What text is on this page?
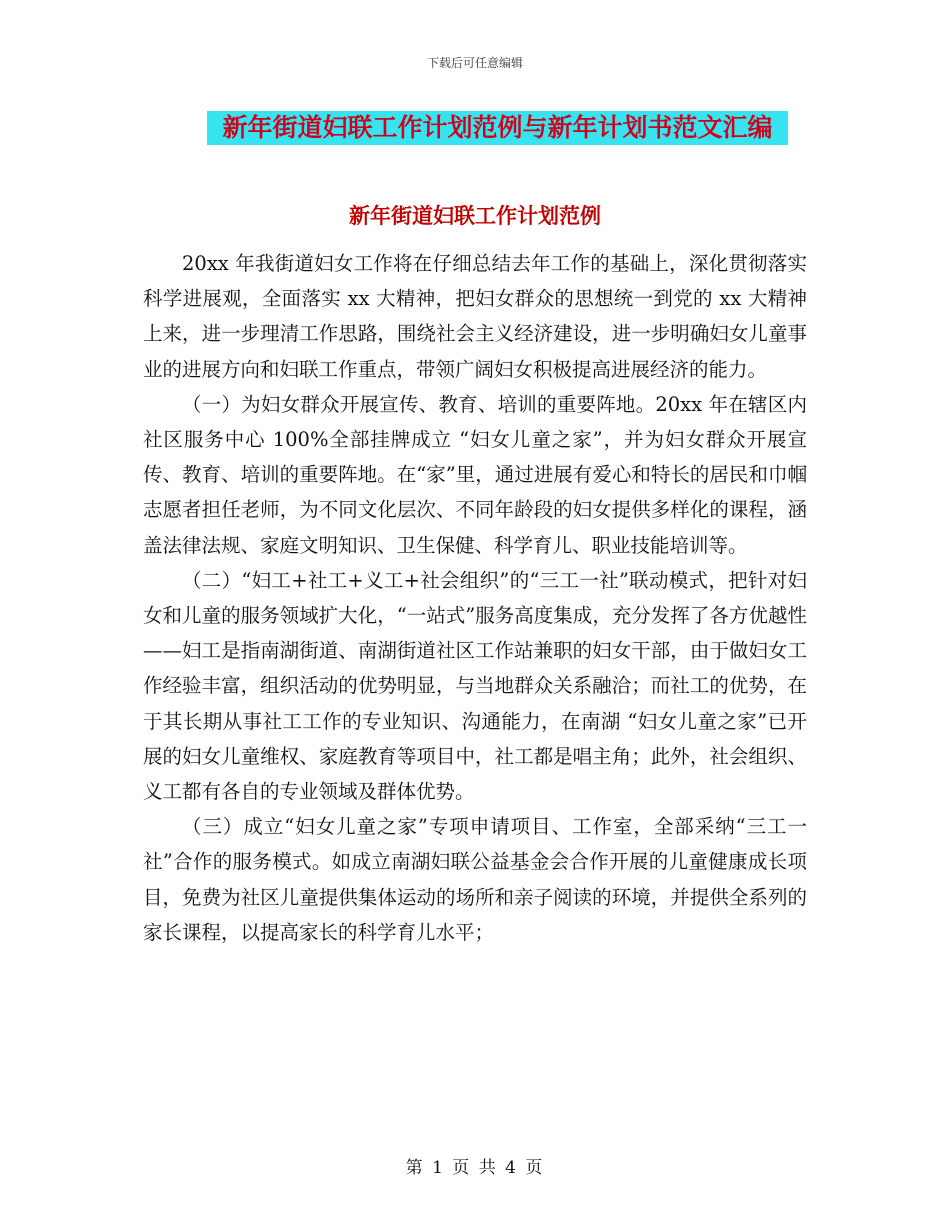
下载后可任意编辑
新年街道妇联工作计划范例与新年计划书范文汇编
新年街道妇联工作计划范例

20xx 年我街道妇女工作将在仔细总结去年工作的基础上，深化贯彻落实科学进展观，全面落实 xx 大精神，把妇女群众的思想统一到党的 xx 大精神上来，进一步理清工作思路，围绕社会主义经济建设，进一步明确妇女儿童事业的进展方向和妇联工作重点，带领广阔妇女积极提高进展经济的能力。

（一）为妇女群众开展宣传、教育、培训的重要阵地。20xx 年在辖区内社区服务中心 100%全部挂牌成立 “妇女儿童之家”，并为妇女群众开展宣传、教育、培训的重要阵地。在“家”里，通过进展有爱心和特长的居民和巾帼志愿者担任老师，为不同文化层次、不同年龄段的妇女提供多样化的课程，涵盖法律法规、家庭文明知识、卫生保健、科学育儿、职业技能培训等。

（二）“妇工+社工+义工+社会组织”的“三工一社”联动模式，把针对妇女和儿童的服务领域扩大化，“一站式”服务高度集成，充分发挥了各方优越性——妇工是指南湖街道、南湖街道社区工作站兼职的妇女干部，由于做妇女工作经验丰富，组织活动的优势明显，与当地群众关系融洽；而社工的优势，在于其长期从事社工工作的专业知识、沟通能力，在南湖 “妇女儿童之家”已开展的妇女儿童维权、家庭教育等项目中，社工都是唱主角；此外，社会组织、义工都有各自的专业领域及群体优势。

（三）成立“妇女儿童之家”专项申请项目、工作室，全部采纳“三工一社”合作的服务模式。如成立南湖妇联公益基金会合作开展的儿童健康成长项目，免费为社区儿童提供集体运动的场所和亲子阅读的环境，并提供全系列的家长课程，以提高家长的科学育儿水平；

第 1 页 共 4 页
